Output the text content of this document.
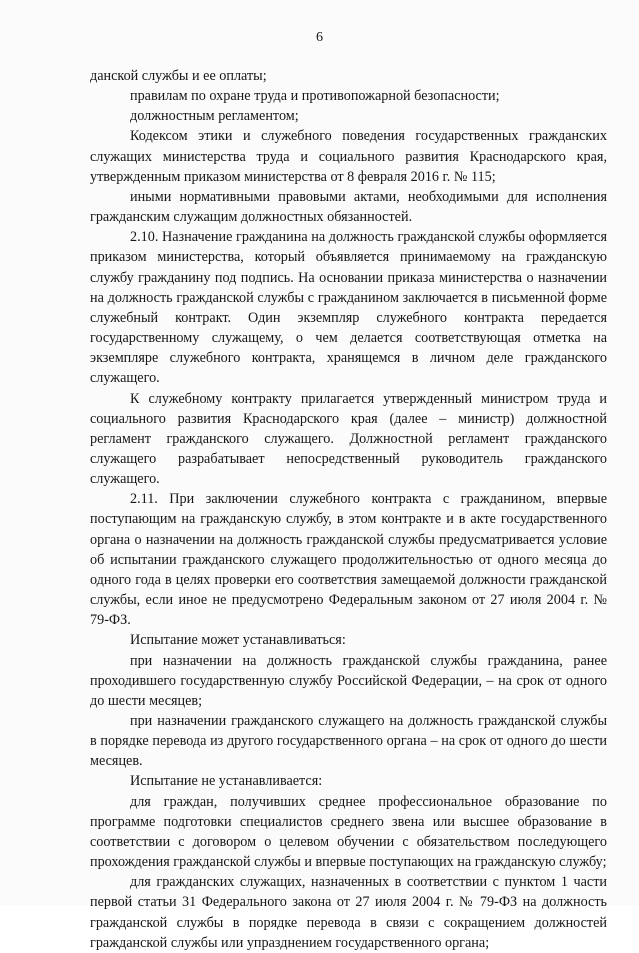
6

данской службы и ее оплаты;

правилам по охране труда и противопожарной безопасности;

должностным регламентом;

Кодексом этики и служебного поведения государственных гражданских служащих министерства труда и социального развития Краснодарского края, утвержденным приказом министерства от 8 февраля 2016 г. № 115;

иными нормативными правовыми актами, необходимыми для исполнения гражданским служащим должностных обязанностей.

2.10. Назначение гражданина на должность гражданской службы оформляется приказом министерства, который объявляется принимаемому на гражданскую службу гражданину под подпись. На основании приказа министерства о назначении на должность гражданской службы с гражданином заключается в письменной форме служебный контракт. Один экземпляр служебного контракта передается государственному служащему, о чем делается соответствующая отметка на экземпляре служебного контракта, хранящемся в личном деле гражданского служащего.

К служебному контракту прилагается утвержденный министром труда и социального развития Краснодарского края (далее – министр) должностной регламент гражданского служащего. Должностной регламент гражданского служащего разрабатывает непосредственный руководитель гражданского служащего.

2.11. При заключении служебного контракта с гражданином, впервые поступающим на гражданскую службу, в этом контракте и в акте государственного органа о назначении на должность гражданской службы предусматривается условие об испытании гражданского служащего продолжительностью от одного месяца до одного года в целях проверки его соответствия замещаемой должности гражданской службы, если иное не предусмотрено Федеральным законом от 27 июля 2004 г. № 79-ФЗ.

Испытание может устанавливаться:

при назначении на должность гражданской службы гражданина, ранее проходившего государственную службу Российской Федерации, – на срок от одного до шести месяцев;

при назначении гражданского служащего на должность гражданской службы в порядке перевода из другого государственного органа – на срок от одного до шести месяцев.

Испытание не устанавливается:

для граждан, получивших среднее профессиональное образование по программе подготовки специалистов среднего звена или высшее образование в соответствии с договором о целевом обучении с обязательством последующего прохождения гражданской службы и впервые поступающих на гражданскую службу;

для гражданских служащих, назначенных в соответствии с пунктом 1 части первой статьи 31 Федерального закона от 27 июля 2004 г. № 79-ФЗ на должность гражданской службы в порядке перевода в связи с сокращением должностей гражданской службы или упразднением государственного органа;
